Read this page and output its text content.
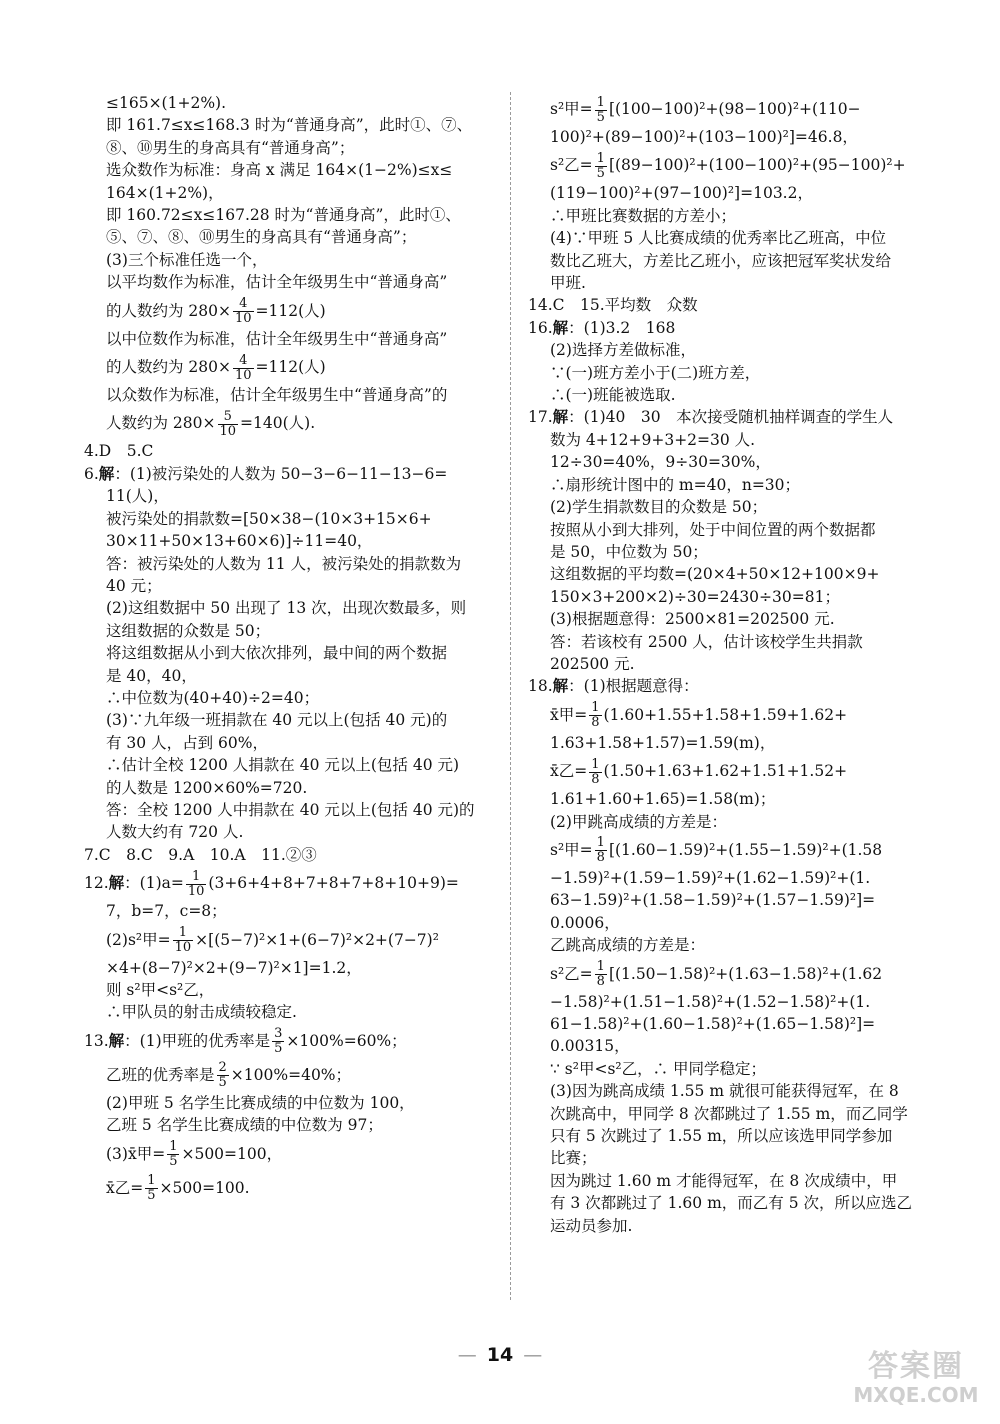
≤165×(1+2%).
即 161.7≤x≤168.3 时为“普通身高”，此时①、⑦、
⑧、⑩男生的身高具有“普通身高”；
选众数作为标准：身高 x 满足 164×(1−2%)≤x≤
164×(1+2%)，
即 160.72≤x≤167.28 时为“普通身高”，此时①、
⑤、⑦、⑧、⑩男生的身高具有“普通身高”；
(3)三个标准任选一个，
以平均数作为标准，估计全年级男生中“普通身高”
的人数约为 $280\times \frac{4}{10} =112$(人)
以中位数作为标准，估计全年级男生中“普通身高”
的人数约为 $280\times \frac{4}{10} =112$(人)
以众数作为标准，估计全年级男生中“普通身高”的
人数约为 $280\times \frac{5}{10} =140$(人).
4.D　5.C
6.解：(1)被污染处的人数为 50−3−6−11−13−6=
11(人)，
被污染处的捐款数=[50×38−(10×3+15×6+
30×11+50×13+60×6)]÷11=40，
答：被污染处的人数为 11 人，被污染处的捐款数为
40 元；
(2)这组数据中 50 出现了 13 次，出现次数最多，则
这组数据的众数是 50；
将这组数据从小到大依次排列，最中间的两个数据
是 40，40，
∴中位数为(40+40)÷2=40；
(3)∵九年级一班捐款在 40 元以上(包括 40 元)的
有 30 人，占到 60%，
∴估计全校 1200 人捐款在 40 元以上(包括 40 元)
的人数是 1200×60%=720.
答：全校 1200 人中捐款在 40 元以上(包括 40 元)的
人数大约有 720 人.
7.C　8.C　9.A　10.A　11.②③
12.解：$(1)a= \frac{1}{10} (3+6+4+8+7+8+7+8+10+9)=$
7，b=7，c=8；
(2)s²甲= $\frac{1}{10} \times[(5-7)^2\times 1+(6-7)^2\times 2+(7-7)^2$
×4+(8−7)²×2+(9−7)²×1]=1.2，
则 s²甲<s²乙，
∴甲队员的射击成绩较稳定.
13.解：(1)甲班的优秀率是 $\frac{3}{5} \times 100\%=60\%$；
乙班的优秀率是 $\frac{2}{5} \times 100\%=40\%$；
(2)甲班 5 名学生比赛成绩的中位数为 100，
乙班 5 名学生比赛成绩的中位数为 97；
(3)x̄甲= $\frac{1}{5} \times 500=100$，
x̄乙= $\frac{1}{5} \times 500=100$.
s²甲= $\frac{1}{5} [(100-100)^2+(98-100)^2+(110-$
100)²+(89−100)²+(103−100)²]=46.8，
s²乙= $\frac{1}{5} [(89-100)^2+(100-100)^2+(95-100)^2+$
(119−100)²+(97−100)²]=103.2，
∴甲班比赛数据的方差小；
(4)∵甲班 5 人比赛成绩的优秀率比乙班高，中位
数比乙班大，方差比乙班小，应该把冠军奖状发给
甲班.
14.C　15.平均数　众数
16.解：(1)3.2　168
(2)选择方差做标准，
∵(一)班方差小于(二)班方差，
∴(一)班能被选取.
17.解：(1)40　30　本次接受随机抽样调查的学生人
数为 4+12+9+3+2=30 人.
12÷30=40%，9÷30=30%，
∴扇形统计图中的 m=40，n=30；
(2)学生捐款数目的众数是 50；
按照从小到大排列，处于中间位置的两个数据都
是 50，中位数为 50；
这组数据的平均数=(20×4+50×12+100×9+
150×3+200×2)÷30=2430÷30=81；
(3)根据题意得：2500×81=202500 元.
答：若该校有 2500 人，估计该校学生共捐款
202500 元.
18.解：(1)根据题意得：
x̄甲= $\frac{1}{8} (1.60+1.55+1.58+1.59+1.62+$
1.63+1.58+1.57)=1.59(m)，
x̄乙= $\frac{1}{8} (1.50+1.63+1.62+1.51+1.52+$
1.61+1.60+1.65)=1.58(m)；
(2)甲跳高成绩的方差是：
s²甲= $\frac{1}{8} [(1.60-1.59)^2+(1.55-1.59)^2+(1.58$
−1.59)²+(1.59−1.59)²+(1.62−1.59)²+(1.
63−1.59)²+(1.58−1.59)²+(1.57−1.59)²]=
0.0006，
乙跳高成绩的方差是：
s²乙= $\frac{1}{8} [(1.50-1.58)^2+(1.63-1.58)^2+(1.62$
−1.58)²+(1.51−1.58)²+(1.52−1.58)²+(1.
61−1.58)²+(1.60−1.58)²+(1.65−1.58)²]=
0.00315，
∵ s²甲<s²乙，∴ 甲同学稳定；
(3)因为跳高成绩 1.55 m 就很可能获得冠军，在 8
次跳高中，甲同学 8 次都跳过了 1.55 m，而乙同学
只有 5 次跳过了 1.55 m，所以应该选甲同学参加
比赛；
因为跳过 1.60 m 才能得冠军，在 8 次成绩中，甲
有 3 次都跳过了 1.60 m，而乙有 5 次，所以应选乙
运动员参加.
— 14 —	答案圈
MXQE.COM
